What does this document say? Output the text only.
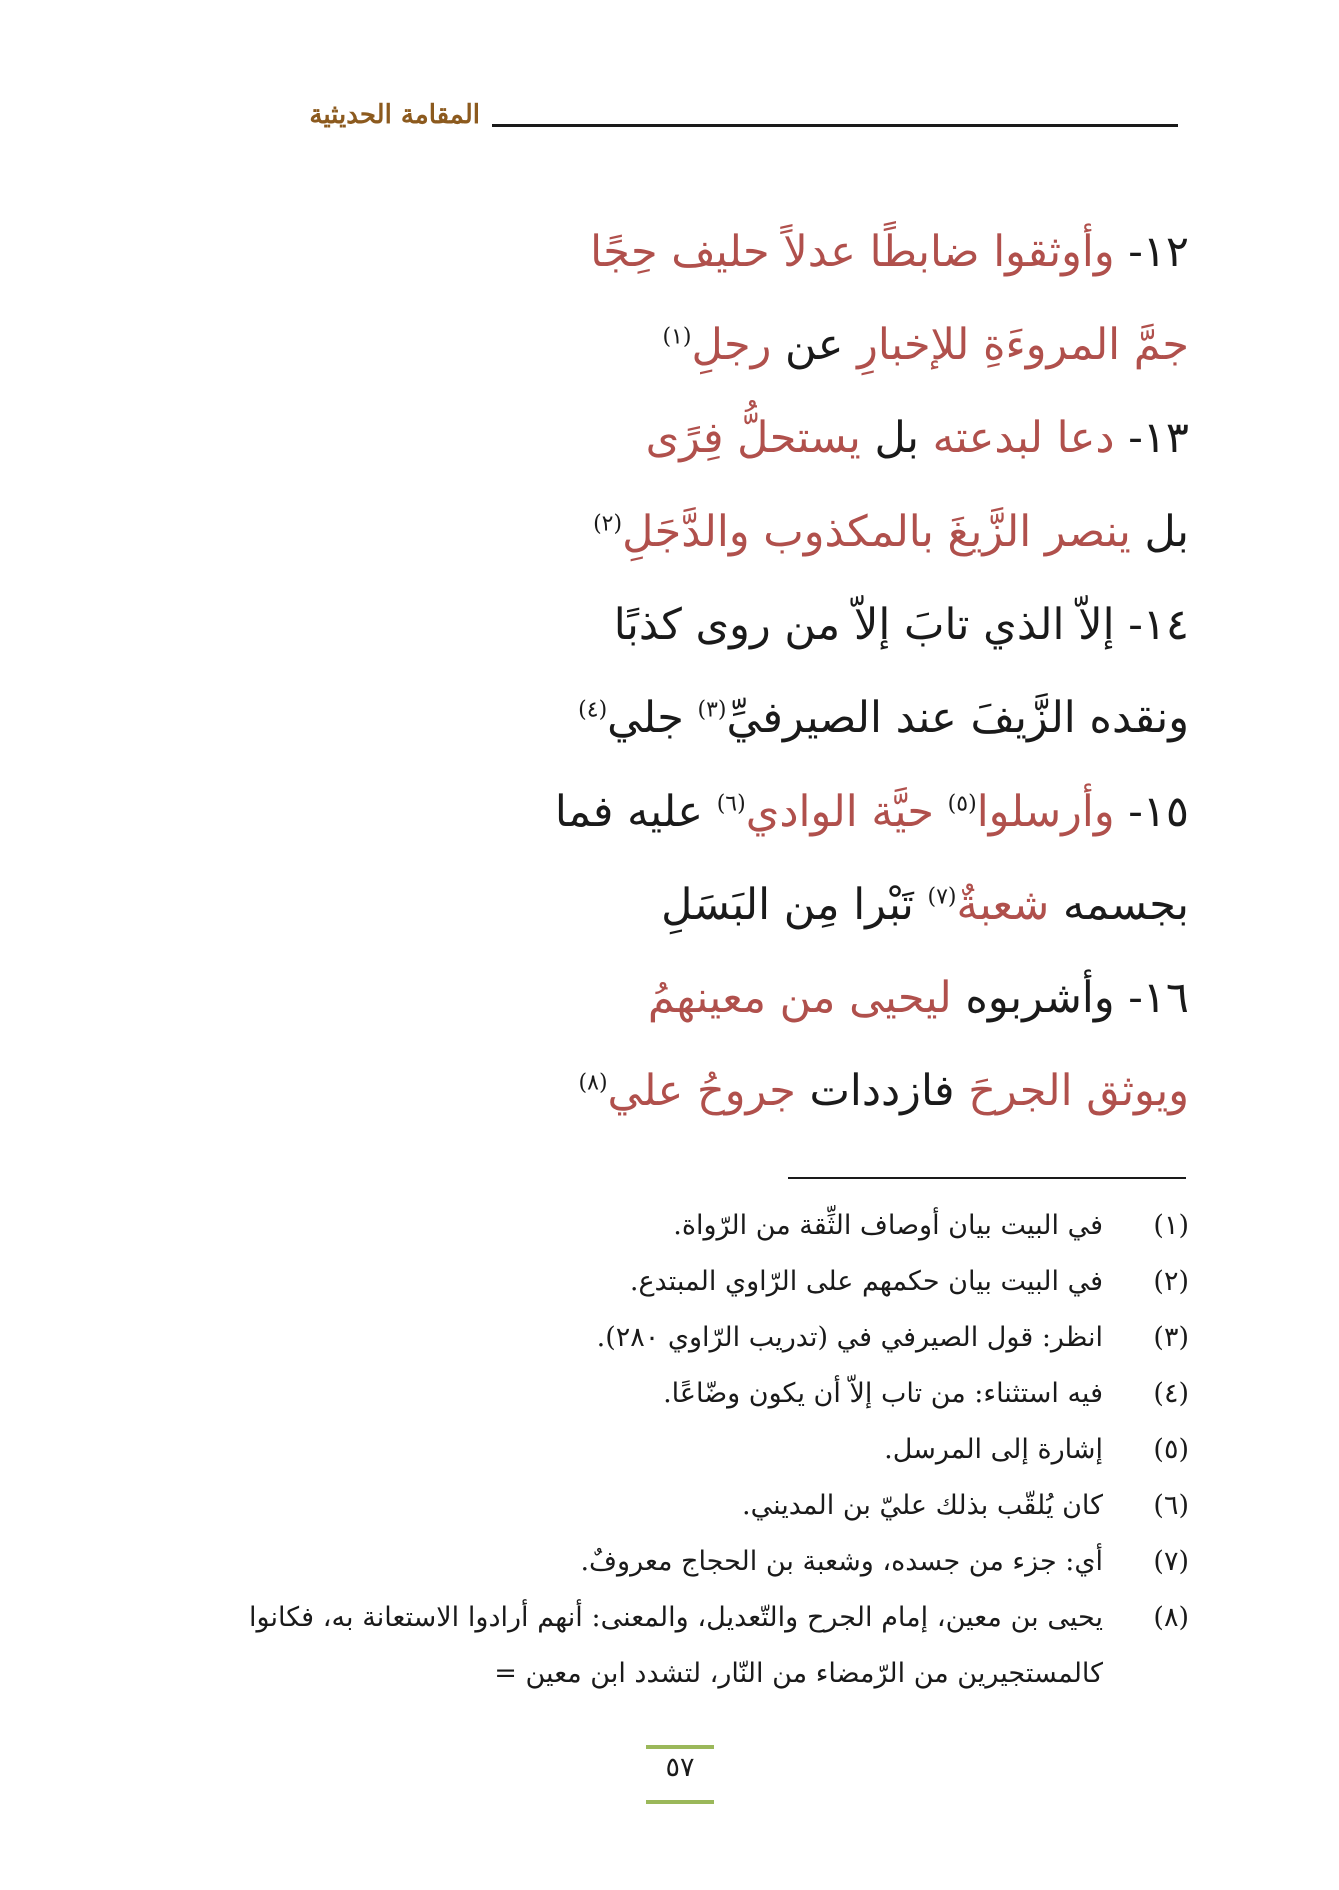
المقامة الحديثية
١٢- وأوثقوا ضابطًا عدلاً حليف حِجًا
جمَّ المروءَةِ للإخبارِ عن رجلِ$^{(١)}$
١٣- دعا لبدعته بل يستحلُّ فِرًى
بل ينصر الزَّيغَ بالمكذوب والدَّجَلِ$^{(٢)}$
١٤- إلاّ الذي تابَ إلاّ من روى كذبًا
ونقده الزَّيفَ عند الصيرفيِّ$^{(٣)}$ جلي$^{(٤)}$
١٥- وأرسلوا$^{(٥)}$ حيَّة الوادي$^{(٦)}$ عليه فما
بجسمه شعبةٌ$^{(٧)}$ تَبْرا مِن البَسَلِ
١٦- وأشربوه ليحيى من معينهمُ
ويوثق الجرحَ فازددات جروحُ علي$^{(٨)}$
(١)
في البيت بيان أوصاف الثِّقة من الرّواة.
(٢)
في البيت بيان حكمهم على الرّاوي المبتدع.
(٣)
انظر: قول الصيرفي في (تدريب الرّاوي ٢٨٠).
(٤)
فيه استثناء: من تاب إلاّ أن يكون وضّاعًا.
(٥)
إشارة إلى المرسل.
(٦)
كان يُلقّب بذلك عليّ بن المديني.
(٧)
أي: جزء من جسده، وشعبة بن الحجاج معروفٌ.
(٨)
يحيى بن معين، إمام الجرح والتّعديل، والمعنى: أنهم أرادوا الاستعانة به، فكانوا كالمستجيرين من الرّمضاء من النّار، لتشدد ابن معين =
٥٧
